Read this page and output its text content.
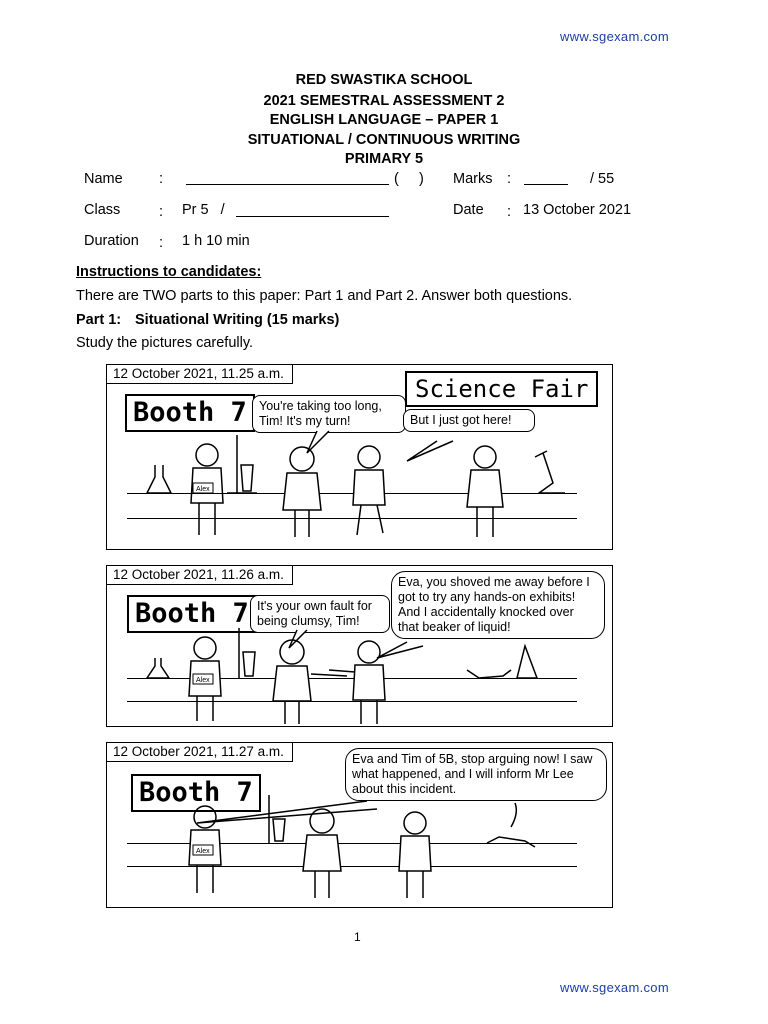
www.sgexam.com
RED SWASTIKA SCHOOL
2021 SEMESTRAL ASSESSMENT 2
ENGLISH LANGUAGE – PAPER 1
SITUATIONAL / CONTINUOUS WRITING
PRIMARY 5
Name	:	(     ) Marks :	/ 55
Class	: Pr 5   /	Date : 13 October 2021
Duration : 1 h 10 min
Instructions to candidates:
There are TWO parts to this paper: Part 1 and Part 2. Answer both questions.
Part 1: Situational Writing (15 marks)
Study the pictures carefully.
12 October 2021, 11.25 a.m.
Booth 7
Science Fair
You're taking too long, Tim! It's my turn!	But I just got here!
Alex
12 October 2021, 11.26 a.m.
Booth 7 It's your own fault for being clumsy, Tim!
Eva, you shoved me away before I got to try any hands-on exhibits! And I accidentally knocked over that beaker of liquid!
Alex
12 October 2021, 11.27 a.m.
Booth 7
Eva and Tim of 5B, stop arguing now! I saw what happened, and I will inform Mr Lee about this incident.
Alex
1
www.sgexam.com
